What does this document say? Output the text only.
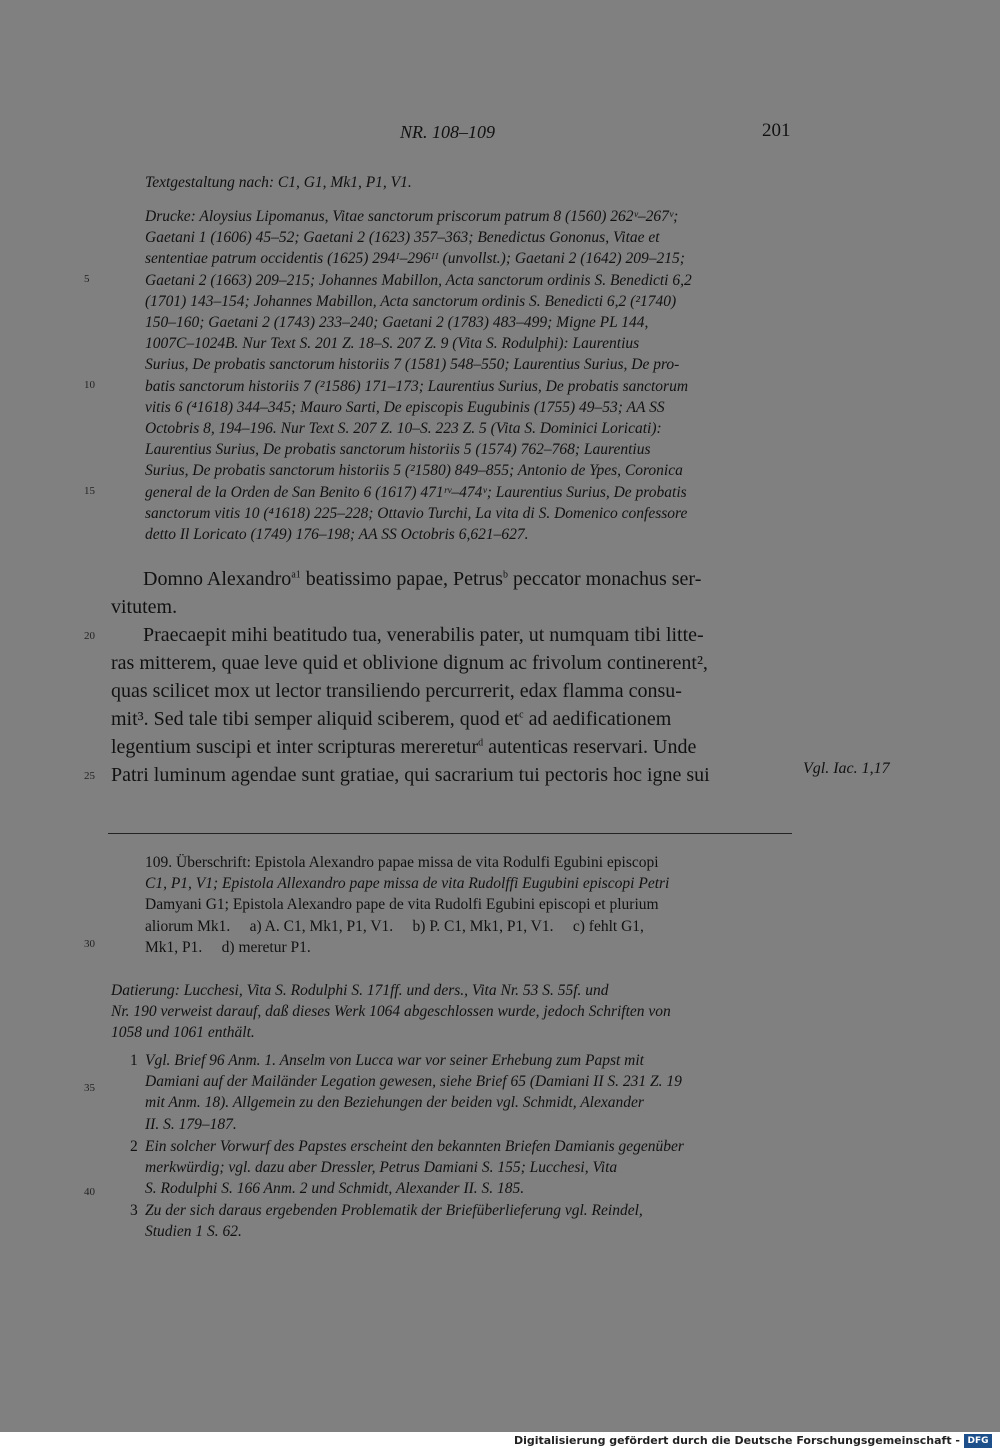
NR. 108–109	201
Textgestaltung nach: C1, G1, Mk1, P1, V1.
Drucke: Aloysius Lipomanus, Vitae sanctorum priscorum patrum 8 (1560) 262ᵛ–267ᵛ;
Gaetani 1 (1606) 45–52; Gaetani 2 (1623) 357–363; Benedictus Gononus, Vitae et
sententiae patrum occidentis (1625) 294ᴵ–296ᴵᴵ (unvollst.); Gaetani 2 (1642) 209–215;
Gaetani 2 (1663) 209–215; Johannes Mabillon, Acta sanctorum ordinis S. Benedicti 6,2
(1701) 143–154; Johannes Mabillon, Acta sanctorum ordinis S. Benedicti 6,2 (²1740)
150–160; Gaetani 2 (1743) 233–240; Gaetani 2 (1783) 483–499; Migne PL 144,
1007C–1024B. Nur Text S. 201 Z. 18–S. 207 Z. 9 (Vita S. Rodulphi): Laurentius
Surius, De probatis sanctorum historiis 7 (1581) 548–550; Laurentius Surius, De pro-
batis sanctorum historiis 7 (²1586) 171–173; Laurentius Surius, De probatis sanctorum
vitis 6 (⁴1618) 344–345; Mauro Sarti, De episcopis Eugubinis (1755) 49–53; AA SS
Octobris 8, 194–196. Nur Text S. 207 Z. 10–S. 223 Z. 5 (Vita S. Dominici Loricati):
Laurentius Surius, De probatis sanctorum historiis 5 (1574) 762–768; Laurentius
Surius, De probatis sanctorum historiis 5 (²1580) 849–855; Antonio de Ypes, Coronica
general de la Orden de San Benito 6 (1617) 471ʳᵛ–474ᵛ; Laurentius Surius, De probatis
sanctorum vitis 10 (⁴1618) 225–228; Ottavio Turchi, La vita di S. Domenico confessore
detto Il Loricato (1749) 176–198; AA SS Octobris 6,621–627.
5
10
15
Domno Alexandro$^{a1}$ beatissimo papae, Petrus$^b$ peccator monachus ser-
vitutem.
Praecaepit mihi beatitudo tua, venerabilis pater, ut numquam tibi litte-
ras mitterem, quae leve quid et oblivione dignum ac frivolum continerent²,
quas scilicet mox ut lector transiliendo percurrerit, edax flamma consu-
mit³. Sed tale tibi semper aliquid sciberem, quod $et^c$ ad aedificationem
legentium suscipi et inter scripturas mereretur$^d$ autenticas reservari. Unde
Patri luminum agendae sunt gratiae, qui sacrarium tui pectoris hoc igne sui
20
25	Vgl. Iac. 1,17
109. Überschrift: Epistola Alexandro papae missa de vita Rodulfi Egubini episcopi
C1, P1, V1; Epistola Allexandro pape missa de vita Rudolffi Eugubini episcopi Petri
Damyani G1; Epistola Alexandro pape de vita Rudolfi Egubini episcopi et plurium
aliorum Mk1.     a) A. C1, Mk1, P1, V1.     b) P. C1, Mk1, P1, V1.     c) fehlt G1,
Mk1, P1.     d) meretur P1.
30
Datierung: Lucchesi, Vita S. Rodulphi S. 171ff. und ders., Vita Nr. 53 S. 55f. und
Nr. 190 verweist darauf, daß dieses Werk 1064 abgeschlossen wurde, jedoch Schriften von
1058 und 1061 enthält.
1 Vgl. Brief 96 Anm. 1. Anselm von Lucca war vor seiner Erhebung zum Papst mit
Damiani auf der Mailänder Legation gewesen, siehe Brief 65 (Damiani II S. 231 Z. 19
mit Anm. 18). Allgemein zu den Beziehungen der beiden vgl. Schmidt, Alexander
II. S. 179–187.
2 Ein solcher Vorwurf des Papstes erscheint den bekannten Briefen Damianis gegenüber
merkwürdig; vgl. dazu aber Dressler, Petrus Damiani S. 155; Lucchesi, Vita
S. Rodulphi S. 166 Anm. 2 und Schmidt, Alexander II. S. 185.
3 Zu der sich daraus ergebenden Problematik der Briefüberlieferung vgl. Reindel,
Studien 1 S. 62.
35
40
Digitalisierung gefördert durch die Deutsche Forschungsgemeinschaft - DFG
